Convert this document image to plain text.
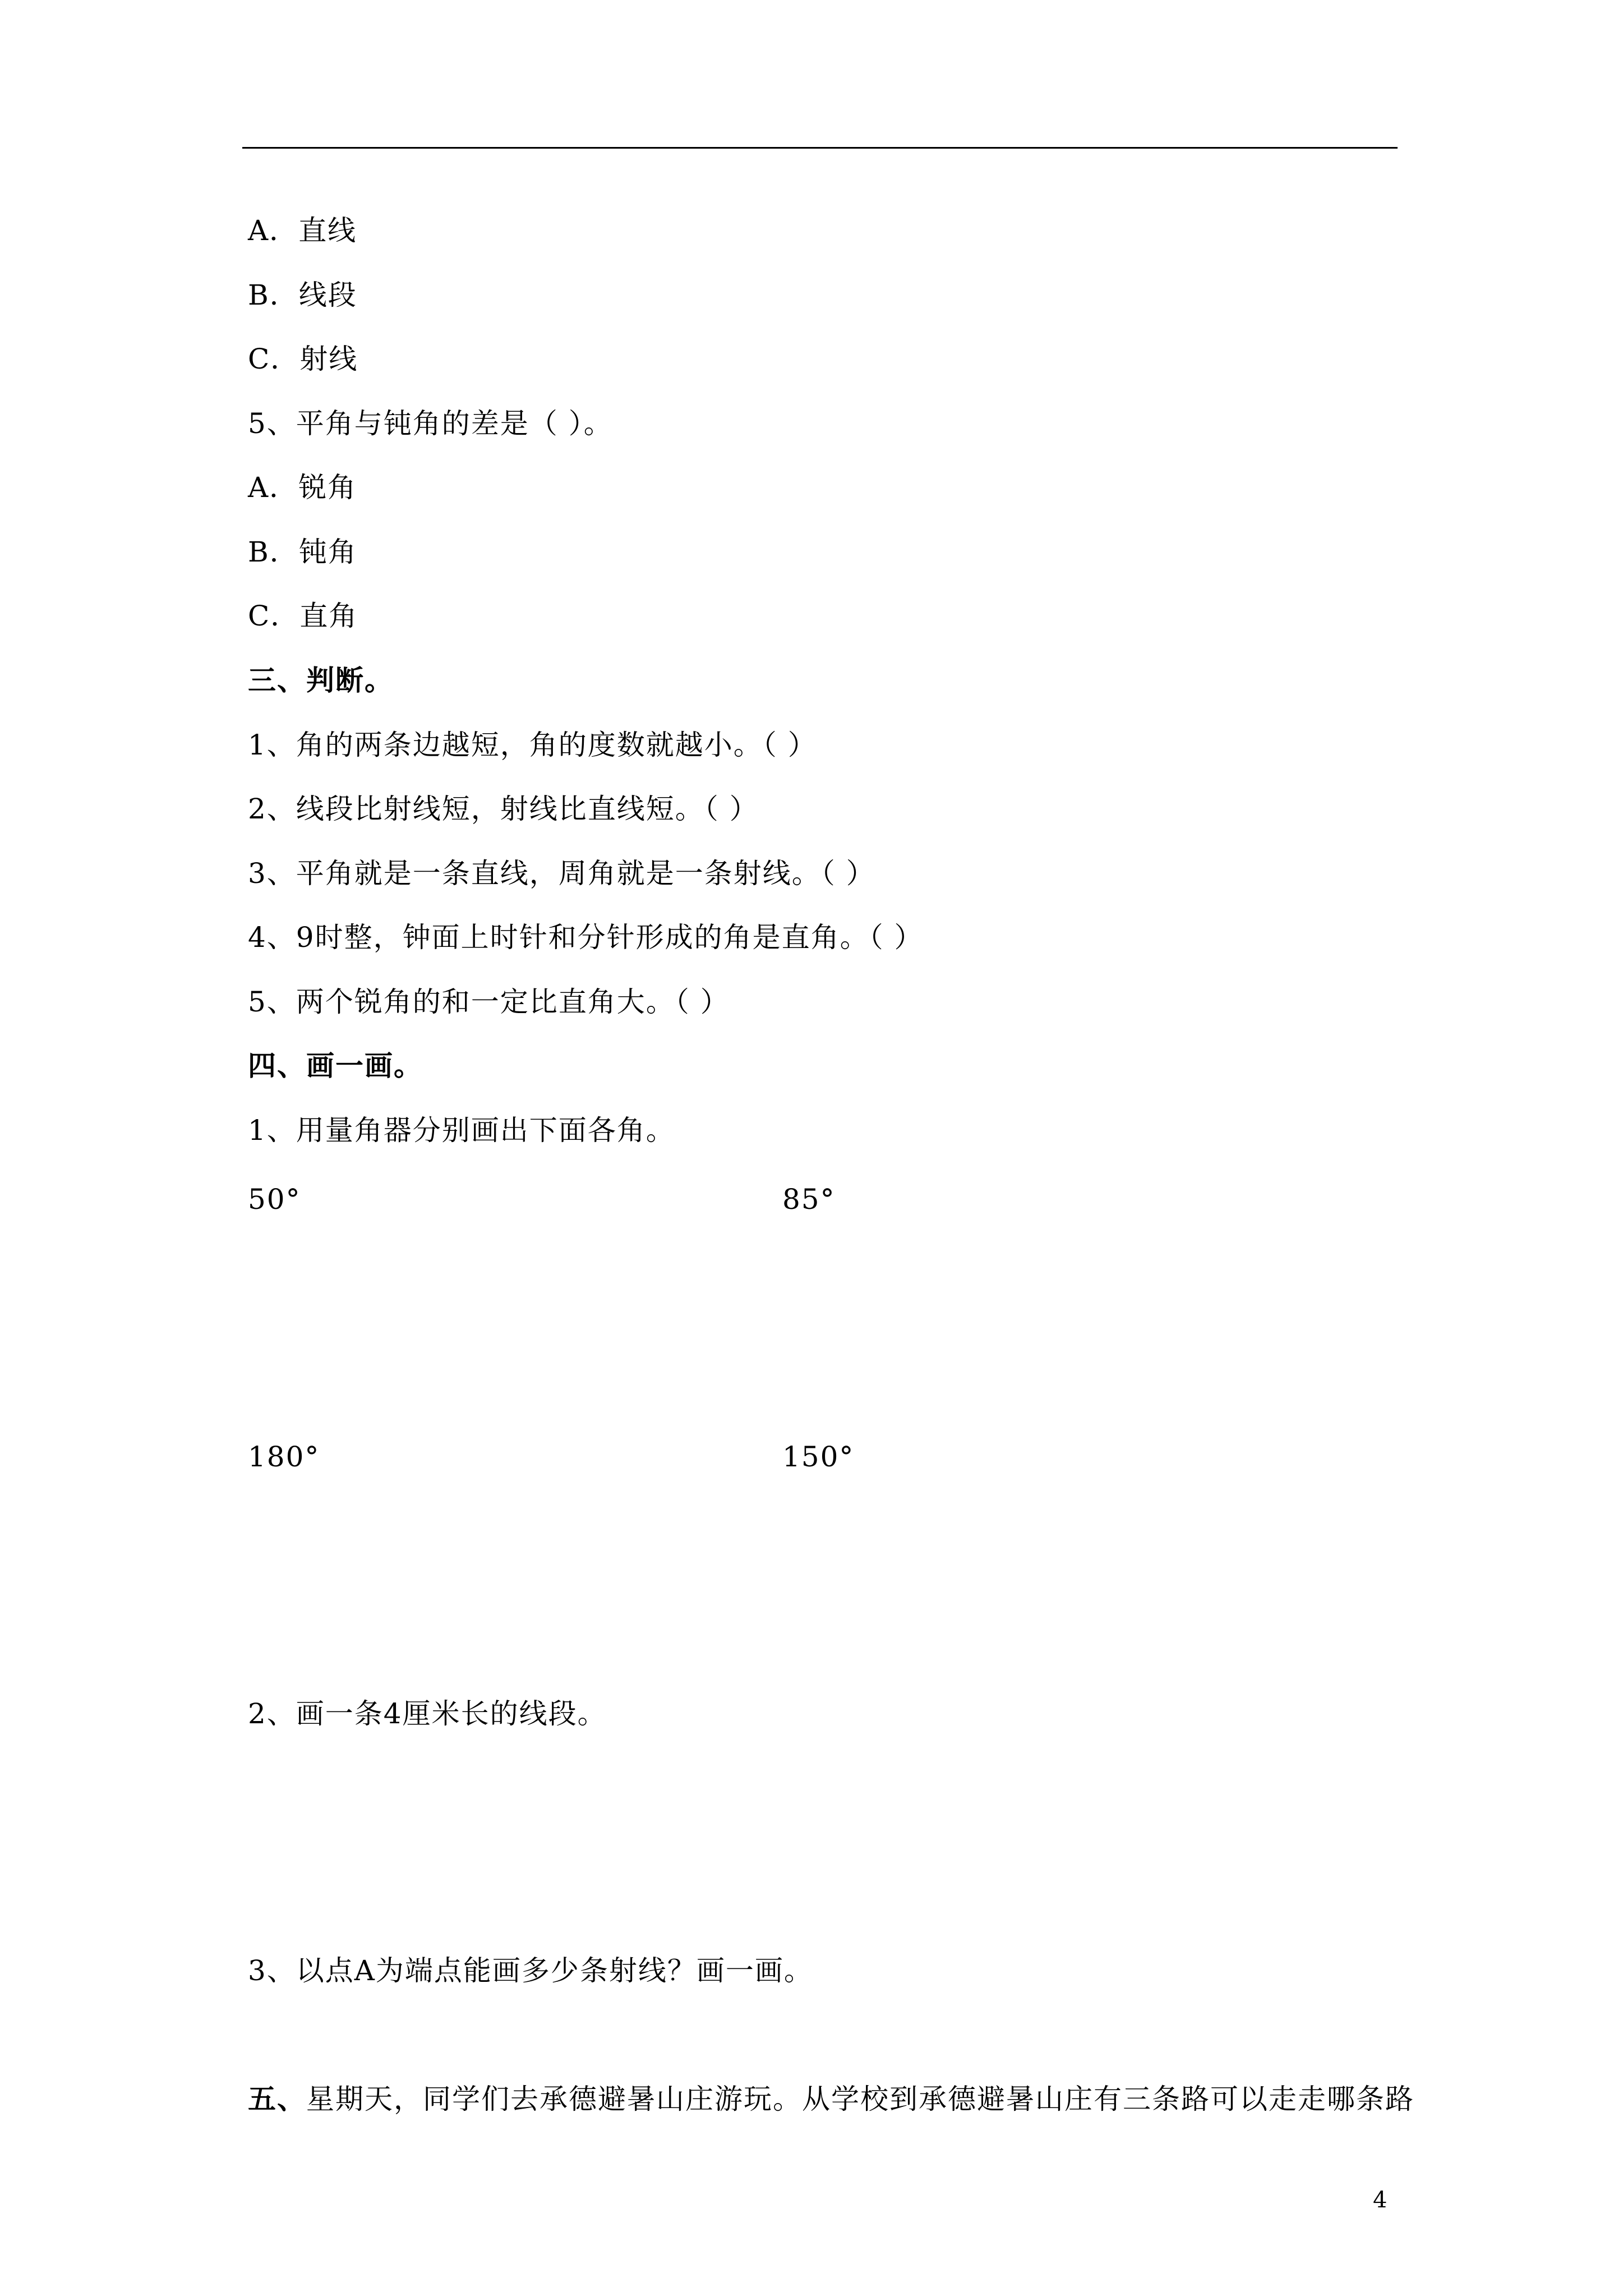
A．直线
B．线段
C．射线
5、平角与钝角的差是（ ）。
A．锐角
B．钝角
C．直角
三、判断。
1、角的两条边越短，角的度数就越小。（ ）
2、线段比射线短，射线比直线短。（ ）
3、平角就是一条直线，周角就是一条射线。（ ）
4、9时整，钟面上时针和分针形成的角是直角。（ ）
5、两个锐角的和一定比直角大。（ ）
四、画一画。
1、用量角器分别画出下面各角。
50°	85°
180°	150°
2、画一条4厘米长的线段。
3、以点A为端点能画多少条射线？画一画。
五、星期天，同学们去承德避暑山庄游玩。从学校到承德避暑山庄有三条路可以走走哪条路
4
